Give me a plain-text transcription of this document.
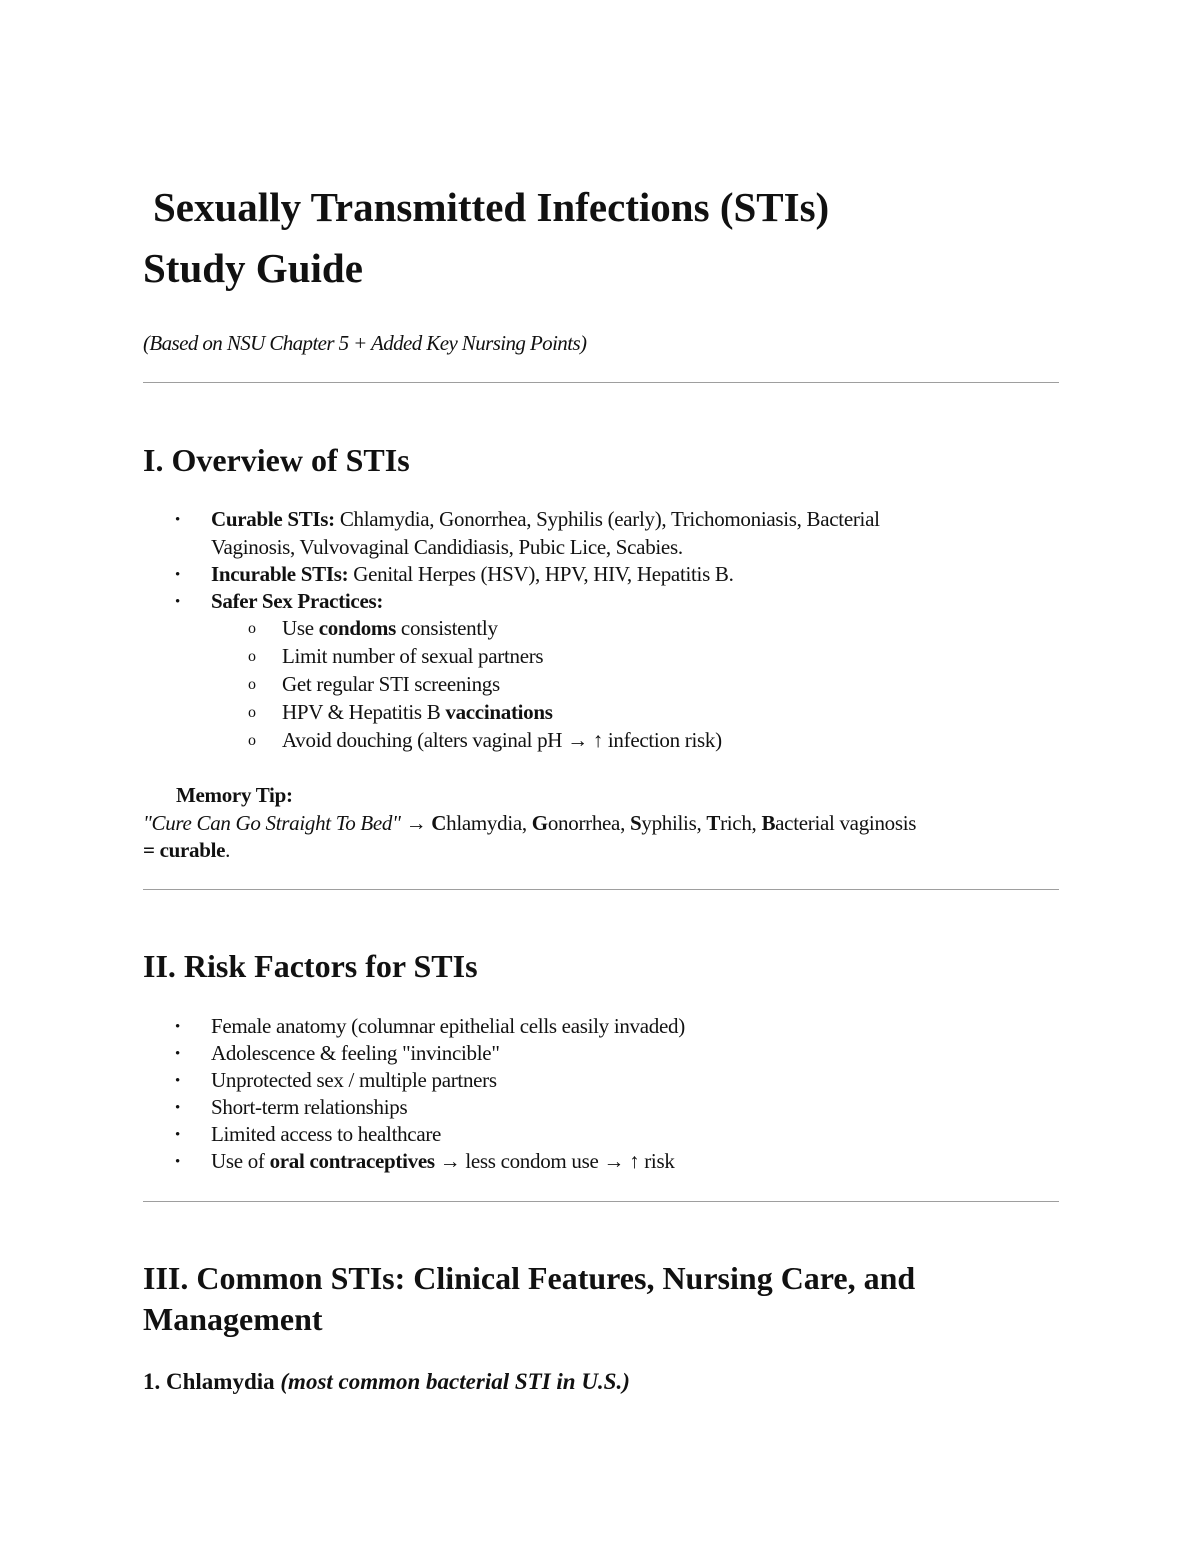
Sexually Transmitted Infections (STIs)
Study Guide
(Based on NSU Chapter 5 + Added Key Nursing Points)
I. Overview of STIs
• Curable STIs: Chlamydia, Gonorrhea, Syphilis (early), Trichomoniasis, Bacterial
Vaginosis, Vulvovaginal Candidiasis, Pubic Lice, Scabies.
• Incurable STIs: Genital Herpes (HSV), HPV, HIV, Hepatitis B.
• Safer Sex Practices:
o Use condoms consistently
o Limit number of sexual partners
o Get regular STI screenings
o HPV & Hepatitis B vaccinations
o Avoid douching (alters vaginal pH → ↑ infection risk)
Memory Tip:
"Cure Can Go Straight To Bed" → Chlamydia, Gonorrhea, Syphilis, Trich, Bacterial vaginosis
= curable.
II. Risk Factors for STIs
• Female anatomy (columnar epithelial cells easily invaded)
• Adolescence & feeling "invincible"
• Unprotected sex / multiple partners
• Short-term relationships
• Limited access to healthcare
• Use of oral contraceptives → less condom use → ↑ risk
III. Common STIs: Clinical Features, Nursing Care, and
Management
1. Chlamydia (most common bacterial STI in U.S.)
